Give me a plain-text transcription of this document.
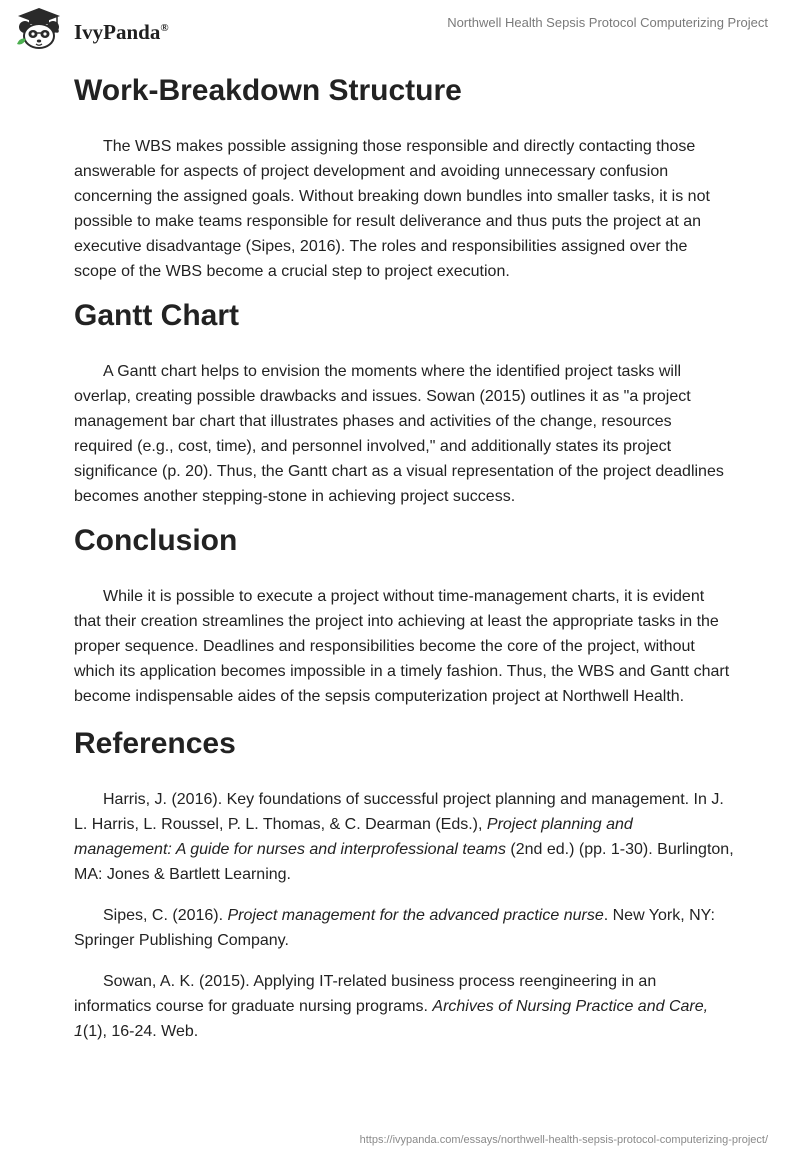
IvyPanda®	Northwell Health Sepsis Protocol Computerizing Project
Work-Breakdown Structure

The WBS makes possible assigning those responsible and directly contacting those answerable for aspects of project development and avoiding unnecessary confusion concerning the assigned goals. Without breaking down bundles into smaller tasks, it is not possible to make teams responsible for result deliverance and thus puts the project at an executive disadvantage (Sipes, 2016). The roles and responsibilities assigned over the scope of the WBS become a crucial step to project execution.

Gantt Chart

A Gantt chart helps to envision the moments where the identified project tasks will overlap, creating possible drawbacks and issues. Sowan (2015) outlines it as "a project management bar chart that illustrates phases and activities of the change, resources required (e.g., cost, time), and personnel involved," and additionally states its project significance (p. 20). Thus, the Gantt chart as a visual representation of the project deadlines becomes another stepping-stone in achieving project success.

Conclusion

While it is possible to execute a project without time-management charts, it is evident that their creation streamlines the project into achieving at least the appropriate tasks in the proper sequence. Deadlines and responsibilities become the core of the project, without which its application becomes impossible in a timely fashion. Thus, the WBS and Gantt chart become indispensable aides of the sepsis computerization project at Northwell Health.

References

Harris, J. (2016). Key foundations of successful project planning and management. In J. L. Harris, L. Roussel, P. L. Thomas, & C. Dearman (Eds.), Project planning and management: A guide for nurses and interprofessional teams (2nd ed.) (pp. 1-30). Burlington, MA: Jones & Bartlett Learning.

Sipes, C. (2016). Project management for the advanced practice nurse. New York, NY: Springer Publishing Company.

Sowan, A. K. (2015). Applying IT-related business process reengineering in an informatics course for graduate nursing programs. Archives of Nursing Practice and Care, 1(1), 16-24. Web.

https://ivypanda.com/essays/northwell-health-sepsis-protocol-computerizing-project/
